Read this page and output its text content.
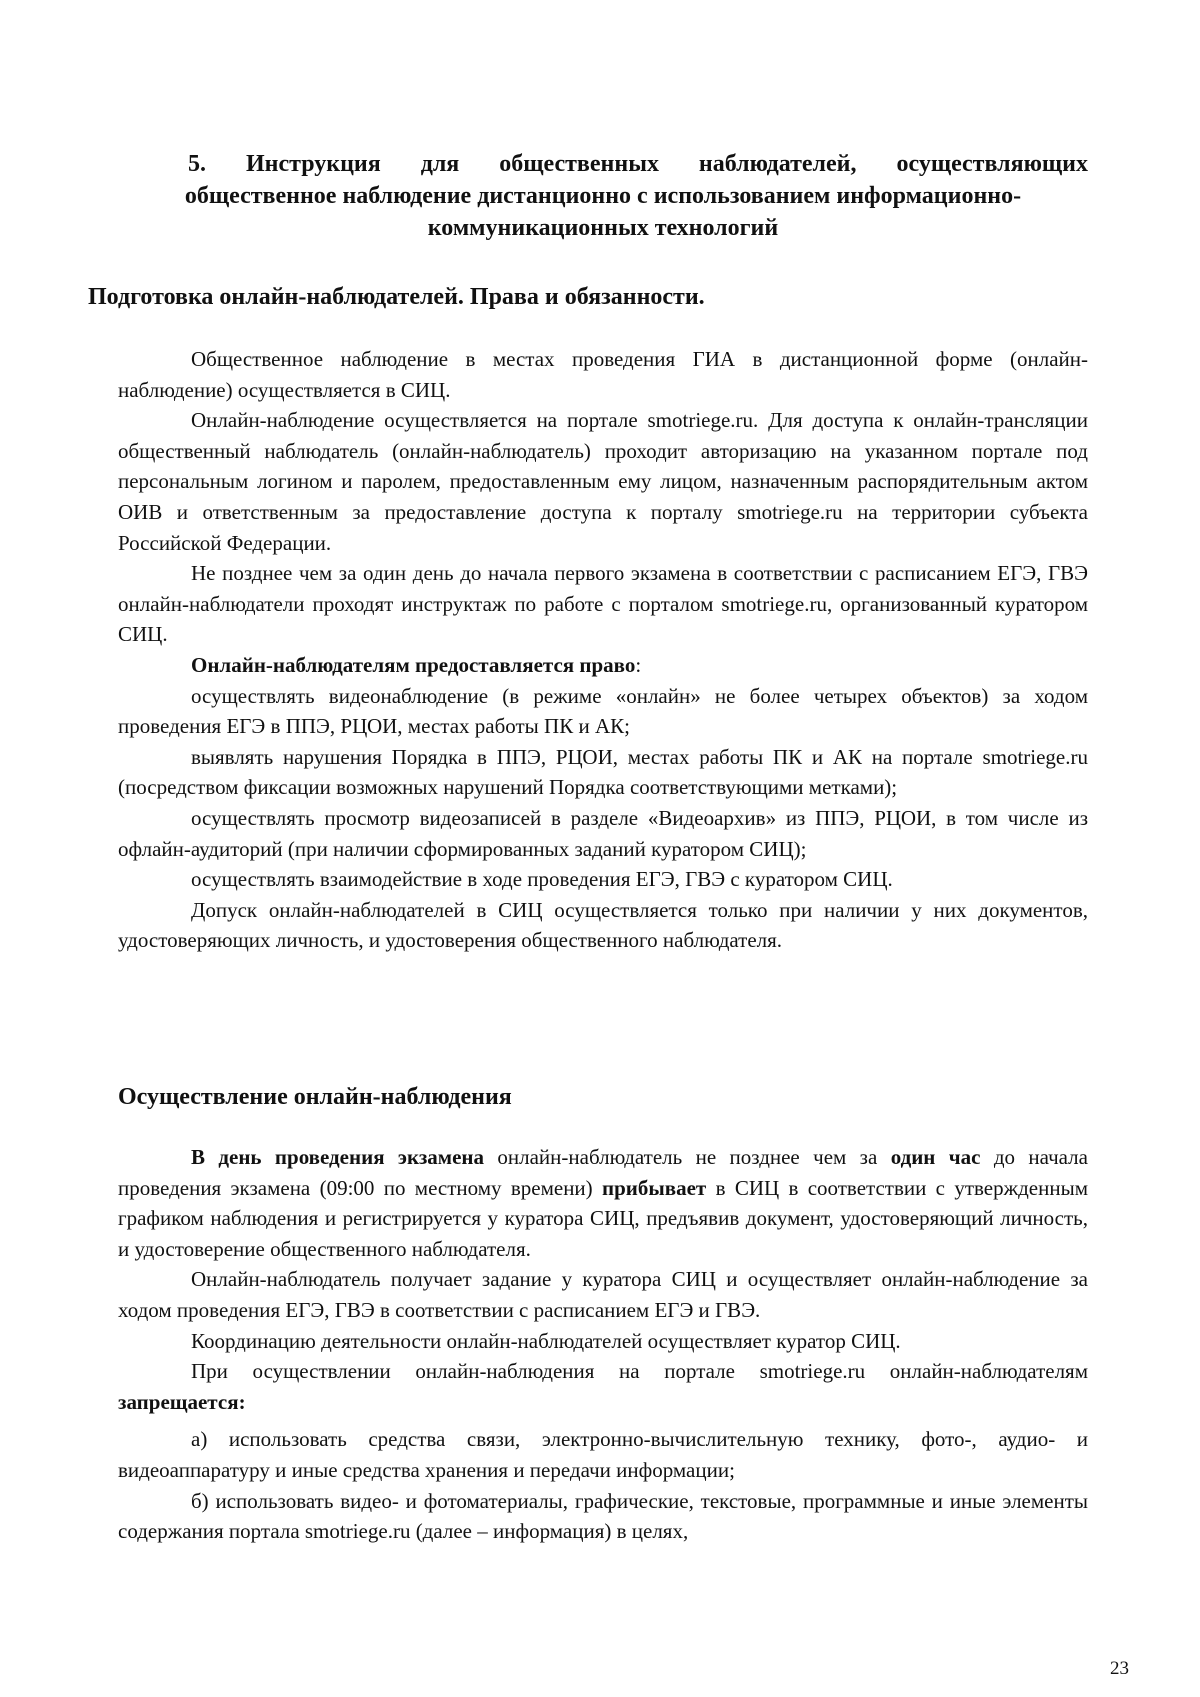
5. Инструкция для общественных наблюдателей, осуществляющих
общественное наблюдение дистанционно с использованием информационно-
коммуникационных технологий
Подготовка онлайн-наблюдателей. Права и обязанности.

Общественное наблюдение в местах проведения ГИА в дистанционной форме (онлайн-наблюдение) осуществляется в СИЦ.

Онлайн-наблюдение осуществляется на портале smotriege.ru. Для доступа к онлайн-трансляции общественный наблюдатель (онлайн-наблюдатель) проходит авторизацию на указанном портале под персональным логином и паролем, предоставленным ему лицом, назначенным распорядительным актом ОИВ и ответственным за предоставление доступа к порталу smotriege.ru на территории субъекта Российской Федерации.

Не позднее чем за один день до начала первого экзамена в соответствии с расписанием ЕГЭ, ГВЭ онлайн-наблюдатели проходят инструктаж по работе с порталом smotriege.ru, организованный куратором СИЦ.

Онлайн-наблюдателям предоставляется право:

осуществлять видеонаблюдение (в режиме «онлайн» не более четырех объектов) за ходом проведения ЕГЭ в ППЭ, РЦОИ, местах работы ПК и АК;

выявлять нарушения Порядка в ППЭ, РЦОИ, местах работы ПК и АК на портале smotriege.ru (посредством фиксации возможных нарушений Порядка соответствующими метками);

осуществлять просмотр видеозаписей в разделе «Видеоархив» из ППЭ, РЦОИ, в том числе из офлайн-аудиторий (при наличии сформированных заданий куратором СИЦ);

осуществлять взаимодействие в ходе проведения ЕГЭ, ГВЭ с куратором СИЦ.

Допуск онлайн-наблюдателей в СИЦ осуществляется только при наличии у них документов, удостоверяющих личность, и удостоверения общественного наблюдателя.

Осуществление онлайн-наблюдения

В день проведения экзамена онлайн-наблюдатель не позднее чем за один час до начала проведения экзамена (09:00 по местному времени) прибывает в СИЦ в соответствии с утвержденным графиком наблюдения и регистрируется у куратора СИЦ, предъявив документ, удостоверяющий личность, и удостоверение общественного наблюдателя.

Онлайн-наблюдатель получает задание у куратора СИЦ и осуществляет онлайн-наблюдение за ходом проведения ЕГЭ, ГВЭ в соответствии с расписанием ЕГЭ и ГВЭ.

Координацию деятельности онлайн-наблюдателей осуществляет куратор СИЦ.

При осуществлении онлайн-наблюдения на портале smotriege.ru онлайн-наблюдателям запрещается:

а) использовать средства связи, электронно-вычислительную технику, фото-, аудио- и видеоаппаратуру и иные средства хранения и передачи информации;

б) использовать видео- и фотоматериалы, графические, текстовые, программные и иные элементы содержания портала smotriege.ru (далее – информация) в целях,

23
